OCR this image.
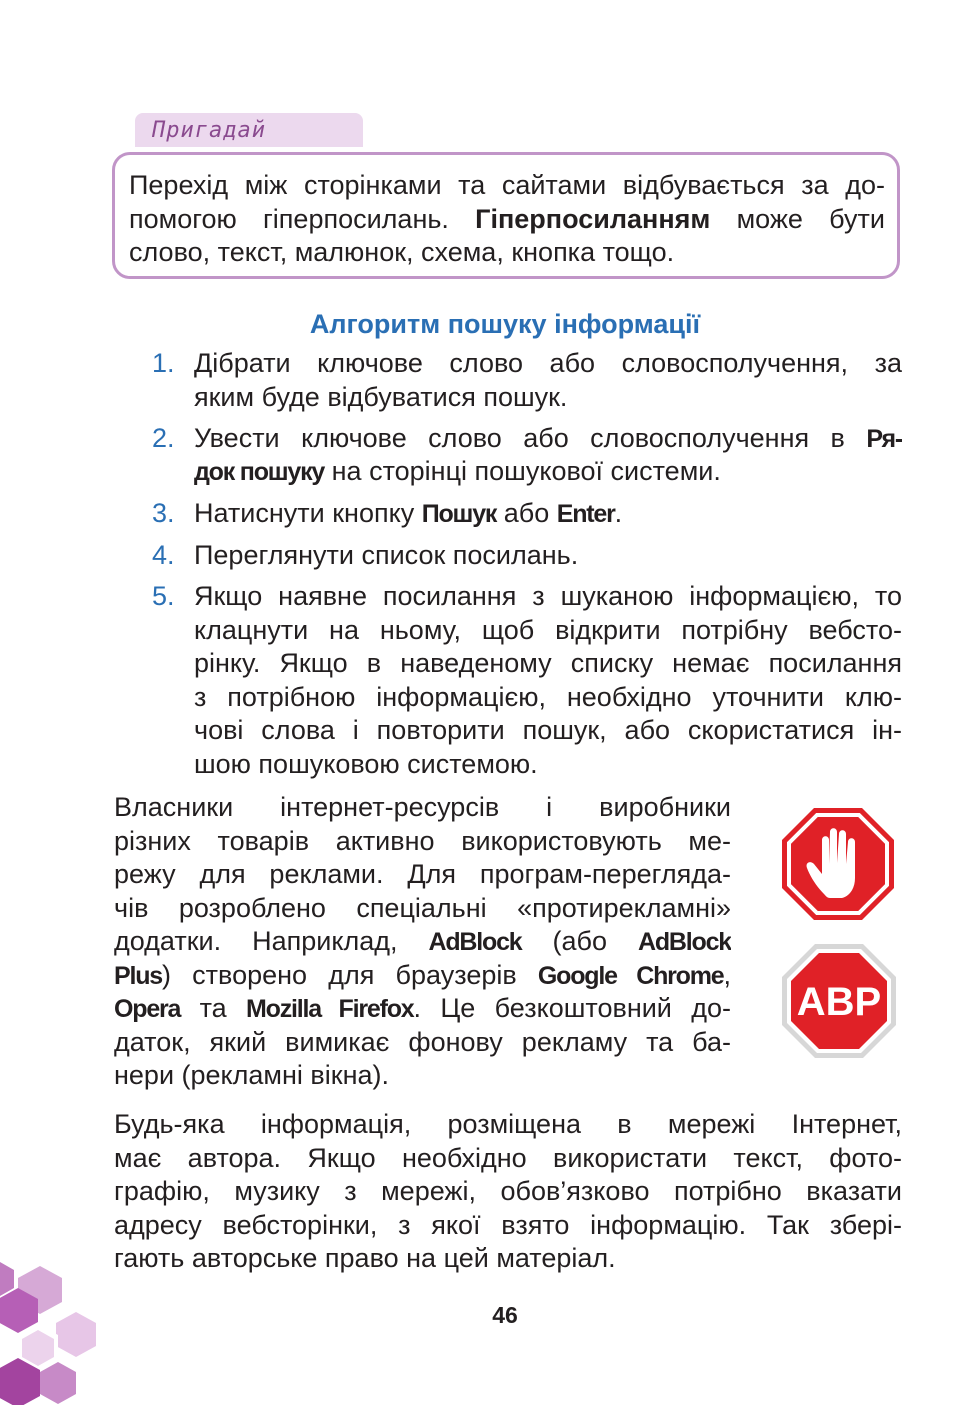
Пригадай
Перехід між сторінками та сайтами відбувається за до-
помогою гіперпосилань. Гіперпосиланням може бути
слово, текст, малюнок, схема, кнопка тощо.
Алгоритм пошуку інформації
1. Дібрати ключове слово або словосполучення, за
яким буде відбуватися пошук.
2. Увести ключове слово або словосполучення в Ря-
док пошуку на сторінці пошукової системи.
3. Натиснути кнопку Пошук або Enter.
4. Переглянути список посилань.
5. Якщо наявне посилання з шуканою інформацією, то
клацнути на ньому, щоб відкрити потрібну вебсто-
рінку. Якщо в наведеному списку немає посилання
з потрібною інформацією, необхідно уточнити клю-
чові слова і повторити пошук, або скористатися ін-
шою пошуковою системою.
Власники інтернет-ресурсів і виробники
різних товарів активно використовують ме-
режу для реклами. Для програм-переглядa-
чів розроблено спеціальні «протирекламні»
додатки. Наприклад, AdBlock (або AdBlock
Plus) створено для браузерів Google Chrome,
Opera та Mozilla Firefox. Це безкоштовний до-
даток, який вимикає фонову рекламу та ба-
нери (рекламні вікна).
ABP
Будь-яка інформація, розміщена в мережі Інтернет,
має автора. Якщо необхідно використати текст, фото-
графію, музику з мережі, обов’язково потрібно вказати
адресу вебсторінки, з якої взято інформацію. Так збері-
гають авторське право на цей матеріал.
46
